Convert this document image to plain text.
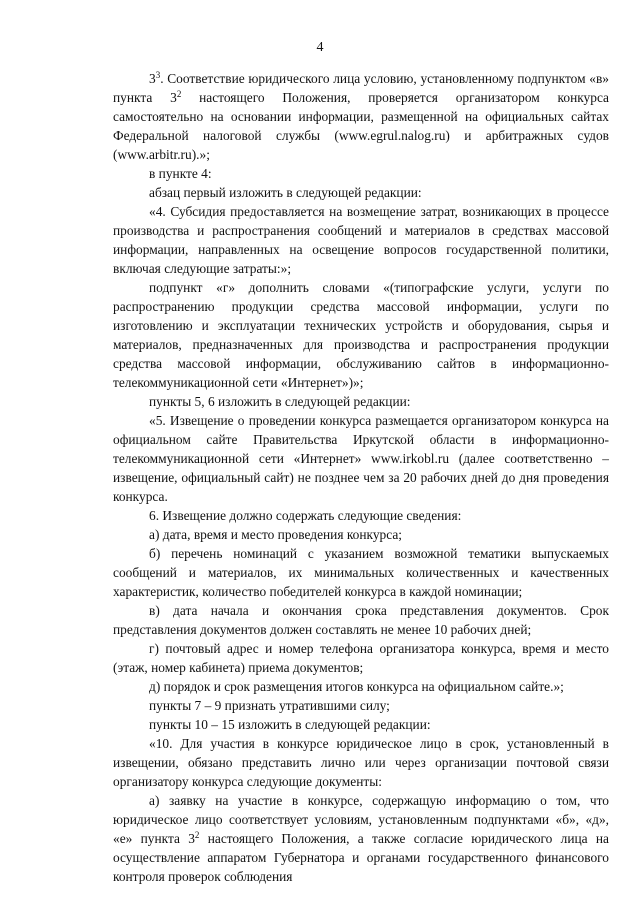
4

$3^3$. Соответствие юридического лица условию, установленному подпунктом «в» пункта $3^2$ настоящего Положения, проверяется организатором конкурса самостоятельно на основании информации, размещенной на официальных сайтах Федеральной налоговой службы (www.egrul.nalog.ru) и арбитражных судов (www.arbitr.ru).»;

в пункте 4:

абзац первый изложить в следующей редакции:

«4. Субсидия предоставляется на возмещение затрат, возникающих в процессе производства и распространения сообщений и материалов в средствах массовой информации, направленных на освещение вопросов государственной политики, включая следующие затраты:»;

подпункт «г» дополнить словами «(типографские услуги, услуги по распространению продукции средства массовой информации, услуги по изготовлению и эксплуатации технических устройств и оборудования, сырья и материалов, предназначенных для производства и распространения продукции средства массовой информации, обслуживанию сайтов в информационно-телекоммуникационной сети «Интернет»)»;

пункты 5, 6 изложить в следующей редакции:

«5. Извещение о проведении конкурса размещается организатором конкурса на официальном сайте Правительства Иркутской области в информационно-телекоммуникационной сети «Интернет» www.irkobl.ru (далее соответственно – извещение, официальный сайт) не позднее чем за 20 рабочих дней до дня проведения конкурса.

6. Извещение должно содержать следующие сведения:

а) дата, время и место проведения конкурса;

б) перечень номинаций с указанием возможной тематики выпускаемых сообщений и материалов, их минимальных количественных и качественных характеристик, количество победителей конкурса в каждой номинации;

в) дата начала и окончания срока представления документов. Срок представления документов должен составлять не менее 10 рабочих дней;

г) почтовый адрес и номер телефона организатора конкурса, время и место (этаж, номер кабинета) приема документов;

д) порядок и срок размещения итогов конкурса на официальном сайте.»;

пункты 7 – 9 признать утратившими силу;

пункты 10 – 15 изложить в следующей редакции:

«10. Для участия в конкурсе юридическое лицо в срок, установленный в извещении, обязано представить лично или через организации почтовой связи организатору конкурса следующие документы:

а) заявку на участие в конкурсе, содержащую информацию о том, что юридическое лицо соответствует условиям, установленным подпунктами «б», «д», «е» пункта $3^2$ настоящего Положения, а также согласие юридического лица на осуществление аппаратом Губернатора и органами государственного финансового контроля проверок соблюдения
